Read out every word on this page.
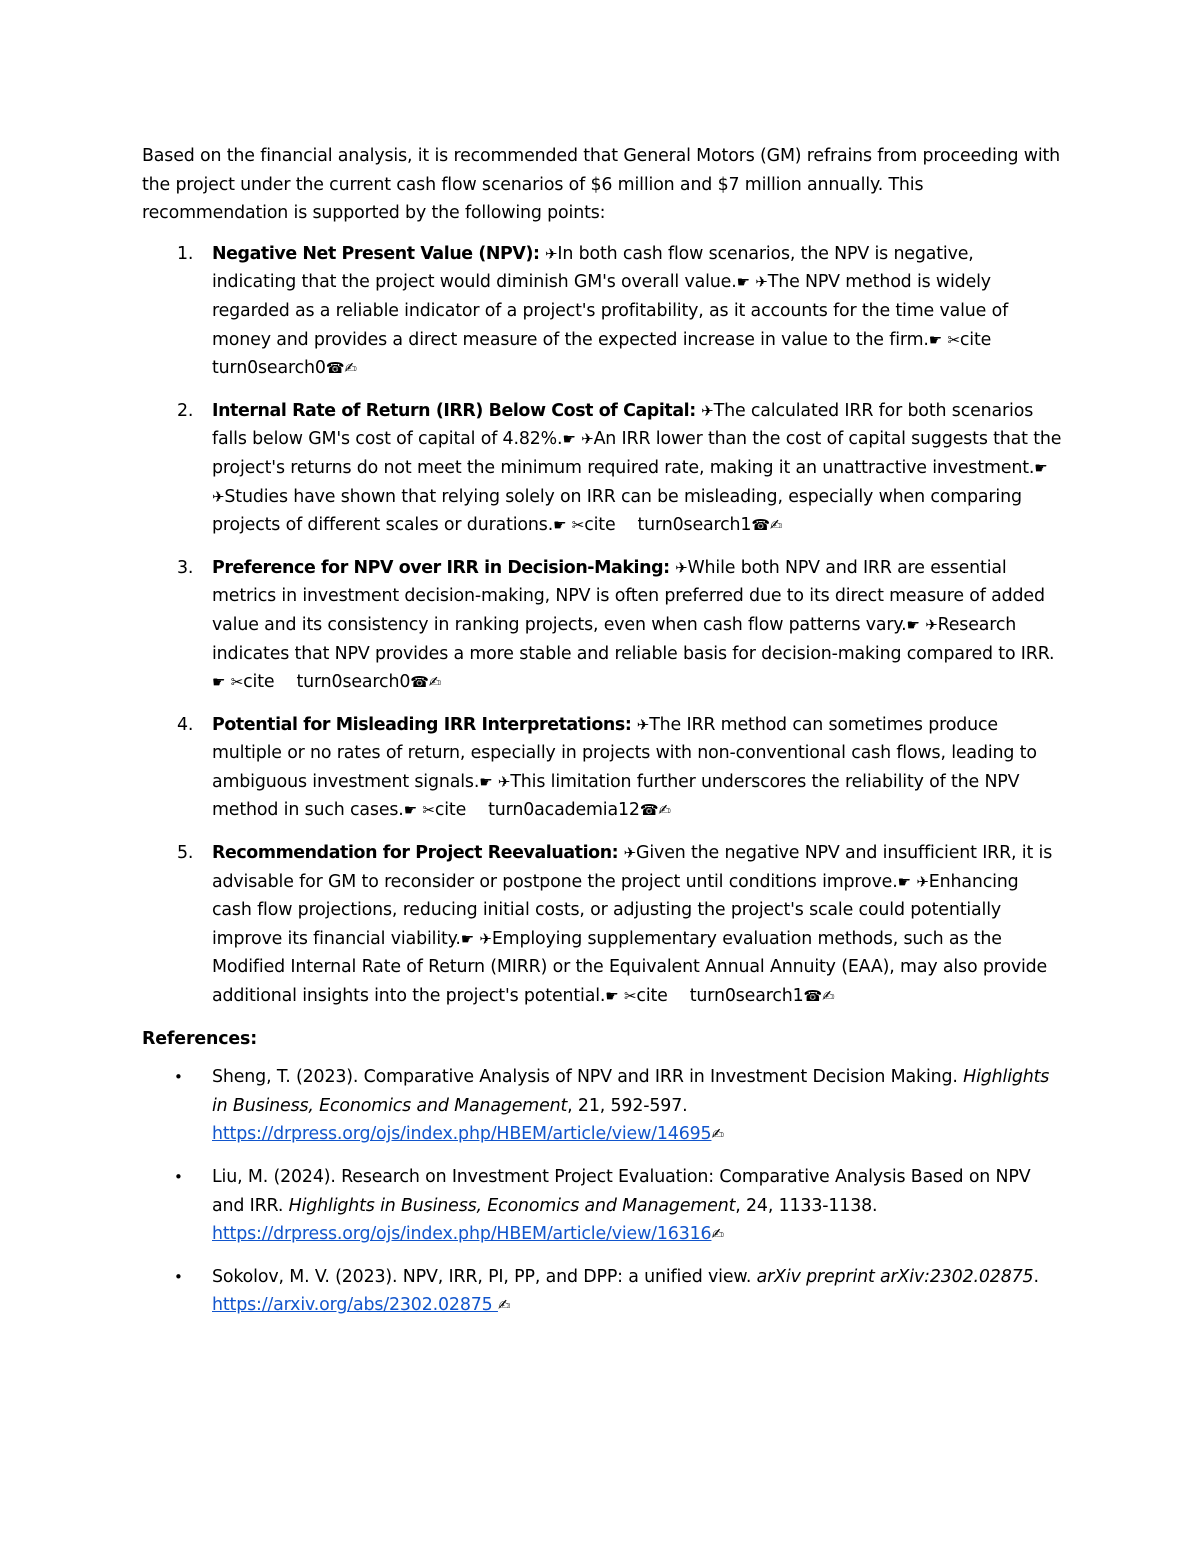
Based on the financial analysis, it is recommended that General Motors (GM) refrains from proceeding with the project under the current cash flow scenarios of $6 million and $7 million annually. This recommendation is supported by the following points:

1. Negative Net Present Value (NPV): ✈In both cash flow scenarios, the NPV is negative, indicating that the project would diminish GM's overall value.☛ ✈The NPV method is widely regarded as a reliable indicator of a project's profitability, as it accounts for the time value of money and provides a direct measure of the expected increase in value to the firm.☛ ✂citeturn0search0☎✍
2. Internal Rate of Return (IRR) Below Cost of Capital: ✈The calculated IRR for both scenarios falls below GM's cost of capital of 4.82%.☛ ✈An IRR lower than the cost of capital suggests that the project's returns do not meet the minimum required rate, making it an unattractive investment.☛ ✈Studies have shown that relying solely on IRR can be misleading, especially when comparing projects of different scales or durations.☛ ✂cite turn0search1☎✍
3. Preference for NPV over IRR in Decision-Making: ✈While both NPV and IRR are essential metrics in investment decision-making, NPV is often preferred due to its direct measure of added value and its consistency in ranking projects, even when cash flow patterns vary.☛ ✈Research indicates that NPV provides a more stable and reliable basis for decision-making compared to IRR.☛ ✂cite turn0search0☎✍
4. Potential for Misleading IRR Interpretations: ✈The IRR method can sometimes produce multiple or no rates of return, especially in projects with non-conventional cash flows, leading to ambiguous investment signals.☛ ✈This limitation further underscores the reliability of the NPV method in such cases.☛ ✂cite turn0academia12☎✍
5. Recommendation for Project Reevaluation: ✈Given the negative NPV and insufficient IRR, it is advisable for GM to reconsider or postpone the project until conditions improve.☛ ✈Enhancing cash flow projections, reducing initial costs, or adjusting the project's scale could potentially improve its financial viability.☛ ✈Employing supplementary evaluation methods, such as the Modified Internal Rate of Return (MIRR) or the Equivalent Annual Annuity (EAA), may also provide additional insights into the project's potential.☛ ✂cite turn0search1☎✍
References:
• Sheng, T. (2023). Comparative Analysis of NPV and IRR in Investment Decision Making. Highlights in Business, Economics and Management, 21, 592-597. https://drpress.org/ojs/index.php/HBEM/article/view/14695✍
• Liu, M. (2024). Research on Investment Project Evaluation: Comparative Analysis Based on NPV and IRR. Highlights in Business, Economics and Management, 24, 1133-1138. https://drpress.org/ojs/index.php/HBEM/article/view/16316✍
• Sokolov, M. V. (2023). NPV, IRR, PI, PP, and DPP: a unified view. arXiv preprint arXiv:2302.02875. https://arxiv.org/abs/2302.02875 ✍
